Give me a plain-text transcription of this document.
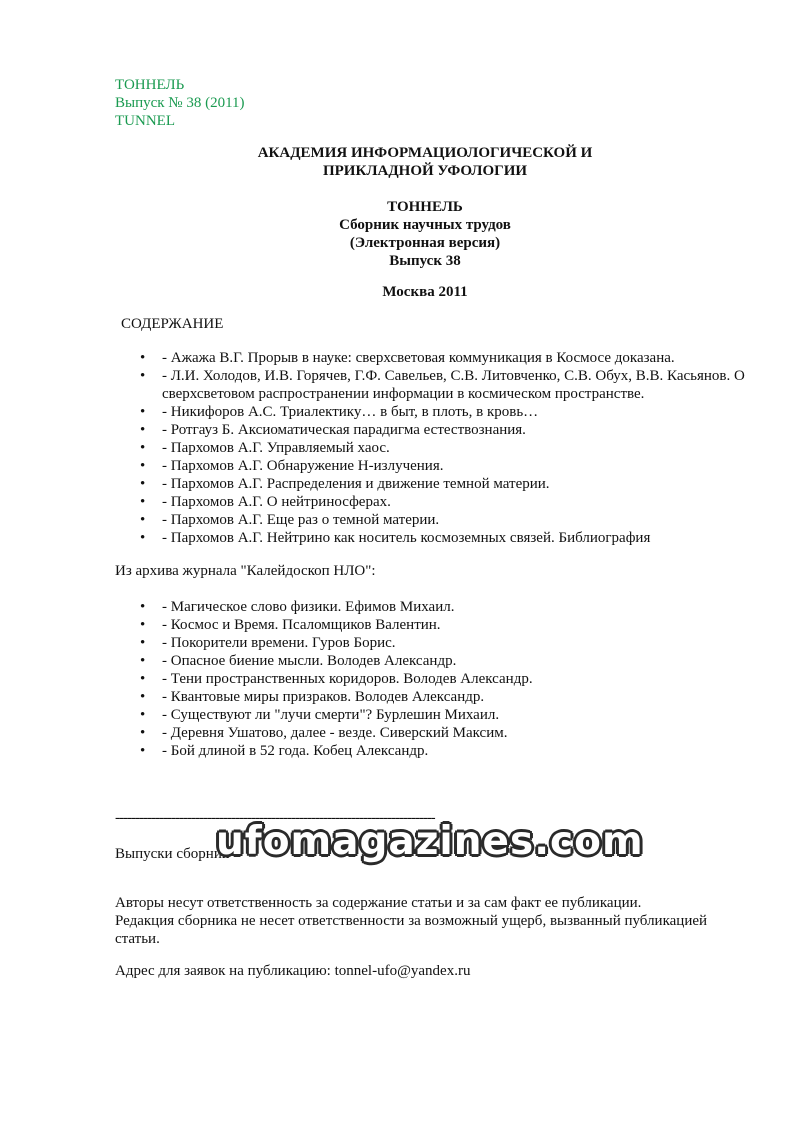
ТОННЕЛЬ
Выпуск № 38 (2011)
TUNNEL
АКАДЕМИЯ ИНФОРМАЦИОЛОГИЧЕСКОЙ И
ПРИКЛАДНОЙ УФОЛОГИИ
ТОННЕЛЬ
Сборник научных трудов
(Электронная версия)
Выпуск 38
Москва 2011
СОДЕРЖАНИЕ
• - Ажажа В.Г. Прорыв в науке: сверхсветовая коммуникация в Космосе доказана.
• - Л.И. Холодов, И.В. Горячев, Г.Ф. Савельев, С.В. Литовченко, С.В. Обух, В.В. Касьянов. О сверхсветовом распространении информации в космическом пространстве.
• - Никифоров А.С. Триалектику… в быт, в плоть, в кровь…
• - Ротгауз Б. Аксиоматическая парадигма естествознания.
• - Пархомов А.Г. Управляемый хаос.
• - Пархомов А.Г. Обнаружение Н-излучения.
• - Пархомов А.Г. Распределения и движение темной материи.
• - Пархомов А.Г. О нейтриносферах.
• - Пархомов А.Г. Еще раз о темной материи.
• - Пархомов А.Г. Нейтрино как носитель космоземных связей. Библиография
Из архива журнала "Калейдоскоп НЛО":
• - Магическое слово физики. Ефимов Михаил.
• - Космос и Время. Псаломщиков Валентин.
• - Покорители времени. Гуров Борис.
• - Опасное биение мысли. Володев Александр.
• - Тени пространственных коридоров. Володев Александр.
• - Квантовые миры призраков. Володев Александр.
• - Существуют ли "лучи смерти"? Бурлешин Михаил.
• - Деревня Ушатово, далее - везде. Сиверский Максим.
• - Бой длиной в 52 года. Кобец Александр.
--------------------------------------------------------------------------------
Выпуски сборник
ufomagazines.com
Авторы несут ответственность за содержание статьи и за сам факт ее публикации.
Редакция сборника не несет ответственности за возможный ущерб, вызванный публикацией статьи.
Адрес для заявок на публикацию: tonnel-ufo@yandex.ru
